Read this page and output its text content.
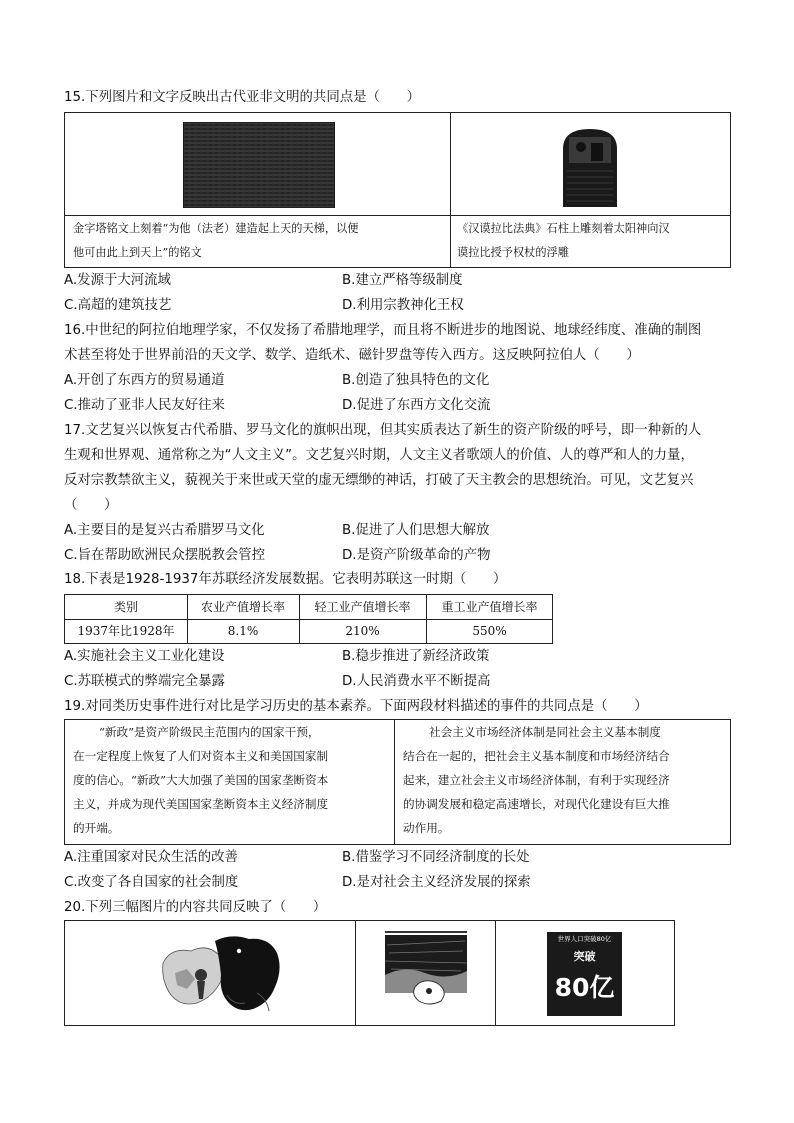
15.下列图片和文字反映出古代亚非文明的共同点是（　　）
金字塔铭文上刻着“为他（法老）建造起上天的天梯，以便
他可由此上到天上”的铭文
《汉谟拉比法典》石柱上雕刻着太阳神向汉
谟拉比授予权杖的浮雕
A.发源于大河流域	B.建立严格等级制度
C.高超的建筑技艺	D.利用宗教神化王权
16.中世纪的阿拉伯地理学家，不仅发扬了希腊地理学，而且将不断进步的地图说、地球经纬度、准确的制图
术甚至将处于世界前沿的天文学、数学、造纸术、磁针罗盘等传入西方。这反映阿拉伯人（　　）
A.开创了东西方的贸易通道	B.创造了独具特色的文化
C.推动了亚非人民友好往来	D.促进了东西方文化交流
17.文艺复兴以恢复古代希腊、罗马文化的旗帜出现，但其实质表达了新生的资产阶级的呼号，即一种新的人
生观和世界观、通常称之为“人文主义”。文艺复兴时期，人文主义者歌颂人的价值、人的尊严和人的力量，
反对宗教禁欲主义，藐视关于来世或天堂的虚无缥缈的神话，打破了天主教会的思想统治。可见，文艺复兴
（　　）
A.主要目的是复兴古希腊罗马文化	B.促进了人们思想大解放
C.旨在帮助欧洲民众摆脱教会管控	D.是资产阶级革命的产物
18.下表是1928-1937年苏联经济发展数据。它表明苏联这一时期（　　）
类别	农业产值增长率	轻工业产值增长率	重工业产值增长率
1937年比1928年	8.1%	210%	550%
A.实施社会主义工业化建设	B.稳步推进了新经济政策
C.苏联模式的弊端完全暴露	D.人民消费水平不断提高
19.对同类历史事件进行对比是学习历史的基本素养。下面两段材料描述的事件的共同点是（　　）
“新政”是资产阶级民主范围内的国家干预，
在一定程度上恢复了人们对资本主义和美国国家制
度的信心。“新政”大大加强了美国的国家垄断资本
主义，并成为现代美国国家垄断资本主义经济制度
的开端。
社会主义市场经济体制是同社会主义基本制度
结合在一起的，把社会主义基本制度和市场经济结合
起来，建立社会主义市场经济体制，有利于实现经济
的协调发展和稳定高速增长，对现代化建设有巨大推
动作用。
A.注重国家对民众生活的改善	B.借鉴学习不同经济制度的长处
C.改变了各自国家的社会制度	D.是对社会主义经济发展的探索
20.下列三幅图片的内容共同反映了（　　）
世界人口突破80亿
突破
80亿
